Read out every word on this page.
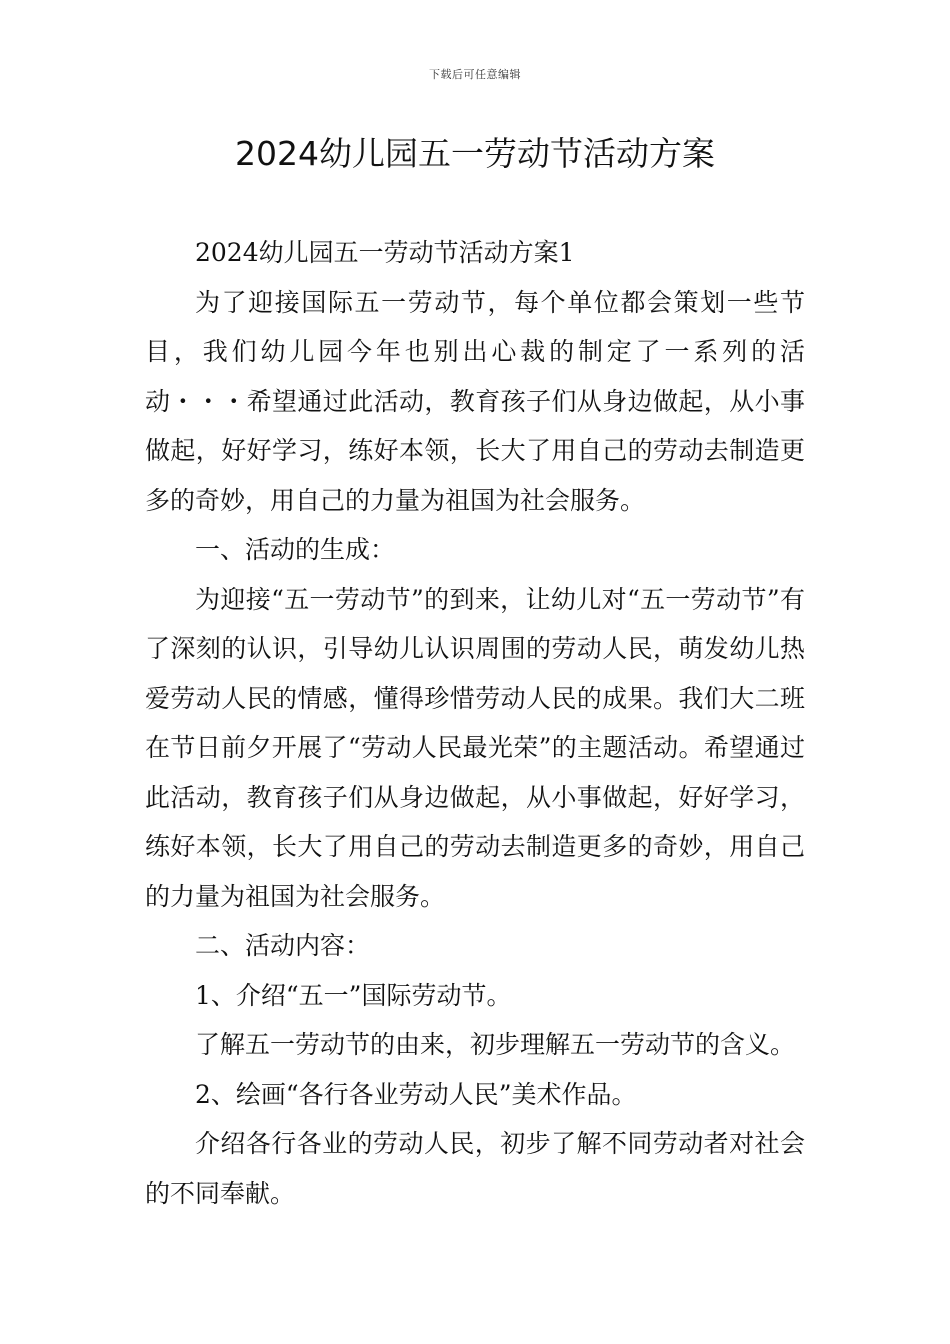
下载后可任意编辑
2024幼儿园五一劳动节活动方案

2024幼儿园五一劳动节活动方案1

为了迎接国际五一劳动节，每个单位都会策划一些节目，我们幼儿园今年也别出心裁的制定了一系列的活动・・・希望通过此活动，教育孩子们从身边做起，从小事做起，好好学习，练好本领，长大了用自己的劳动去制造更多的奇妙，用自己的力量为祖国为社会服务。

一、活动的生成：

为迎接“五一劳动节”的到来，让幼儿对“五一劳动节”有了深刻的认识，引导幼儿认识周围的劳动人民，萌发幼儿热爱劳动人民的情感，懂得珍惜劳动人民的成果。我们大二班在节日前夕开展了“劳动人民最光荣”的主题活动。希望通过此活动，教育孩子们从身边做起，从小事做起，好好学习，练好本领，长大了用自己的劳动去制造更多的奇妙，用自己的力量为祖国为社会服务。

二、活动内容：

1、介绍“五一”国际劳动节。

了解五一劳动节的由来，初步理解五一劳动节的含义。

2、绘画“各行各业劳动人民”美术作品。

介绍各行各业的劳动人民，初步了解不同劳动者对社会的不同奉献。
